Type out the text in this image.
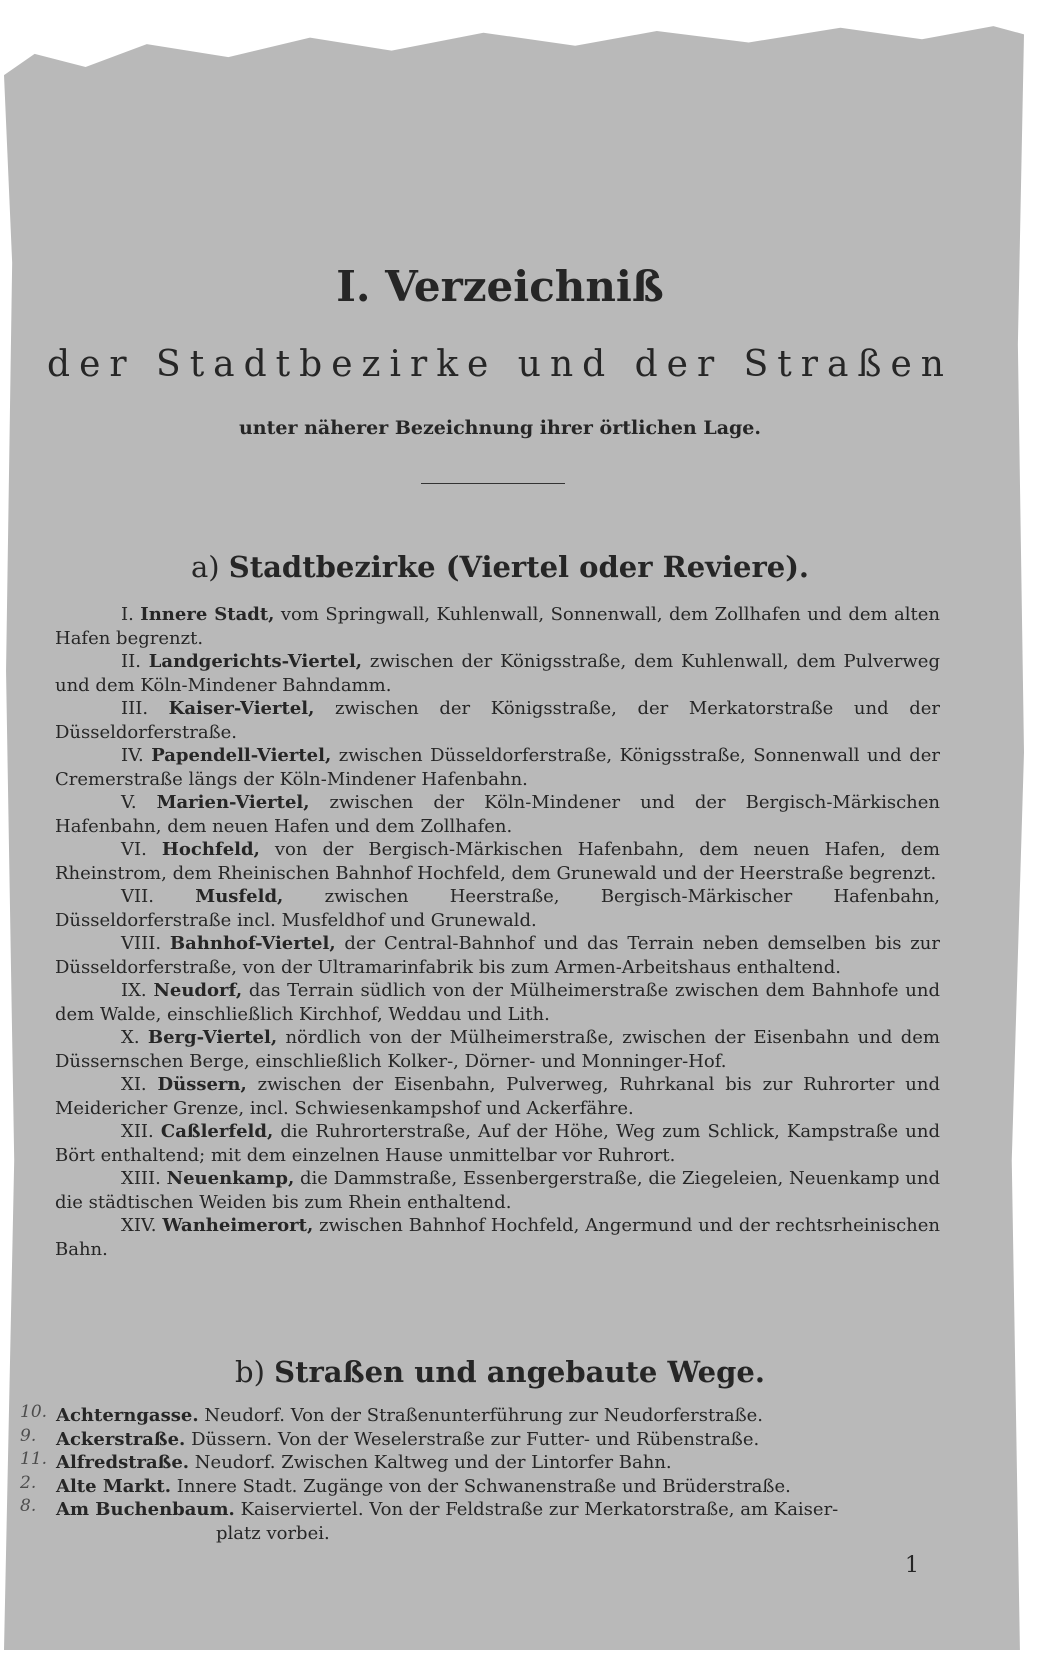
I. Verzeichniß
der Stadtbezirke und der Straßen
unter näherer Bezeichnung ihrer örtlichen Lage.
a) Stadtbezirke (Viertel oder Reviere).

I. Innere Stadt, vom Springwall, Kuhlenwall, Sonnenwall, dem Zollhafen und dem alten Hafen begrenzt.

II. Landgerichts-Viertel, zwischen der Königsstraße, dem Kuhlenwall, dem Pulverweg und dem Köln-Mindener Bahndamm.

III. Kaiser-Viertel, zwischen der Königsstraße, der Merkatorstraße und der Düsseldorferstraße.

IV. Papendell-Viertel, zwischen Düsseldorferstraße, Königsstraße, Sonnenwall und der Cremerstraße längs der Köln-Mindener Hafenbahn.

V. Marien-Viertel, zwischen der Köln-Mindener und der Bergisch-Märkischen Hafenbahn, dem neuen Hafen und dem Zollhafen.

VI. Hochfeld, von der Bergisch-Märkischen Hafenbahn, dem neuen Hafen, dem Rheinstrom, dem Rheinischen Bahnhof Hochfeld, dem Grunewald und der Heerstraße begrenzt.

VII. Musfeld, zwischen Heerstraße, Bergisch-Märkischer Hafenbahn, Düsseldorferstraße incl. Musfeldhof und Grunewald.

VIII. Bahnhof-Viertel, der Central-Bahnhof und das Terrain neben demselben bis zur Düsseldorferstraße, von der Ultramarinfabrik bis zum Armen-Arbeitshaus enthaltend.

IX. Neudorf, das Terrain südlich von der Mülheimerstraße zwischen dem Bahnhofe und dem Walde, einschließlich Kirchhof, Weddau und Lith.

X. Berg-Viertel, nördlich von der Mülheimerstraße, zwischen der Eisenbahn und dem Düssernschen Berge, einschließlich Kolker-, Dörner- und Monninger-Hof.

XI. Düssern, zwischen der Eisenbahn, Pulverweg, Ruhrkanal bis zur Ruhrorter und Meidericher Grenze, incl. Schwiesenkampshof und Ackerfähre.

XII. Caßlerfeld, die Ruhrorterstraße, Auf der Höhe, Weg zum Schlick, Kampstraße und Bört enthaltend; mit dem einzelnen Hause unmittelbar vor Ruhrort.

XIII. Neuenkamp, die Dammstraße, Essenbergerstraße, die Ziegeleien, Neuenkamp und die städtischen Weiden bis zum Rhein enthaltend.

XIV. Wanheimerort, zwischen Bahnhof Hochfeld, Angermund und der rechtsrheinischen Bahn.

b) Straßen und angebaute Wege.
10. Achterngasse. Neudorf. Von der Straßenunterführung zur Neudorferstraße.
9. Ackerstraße. Düssern. Von der Weselerstraße zur Futter- und Rübenstraße.
11. Alfredstraße. Neudorf. Zwischen Kaltweg und der Lintorfer Bahn.
2. Alte Markt. Innere Stadt. Zugänge von der Schwanenstraße und Brüderstraße.
8. Am Buchenbaum. Kaiserviertel. Von der Feldstraße zur Merkatorstraße, am Kaiser-
platz vorbei.
1
